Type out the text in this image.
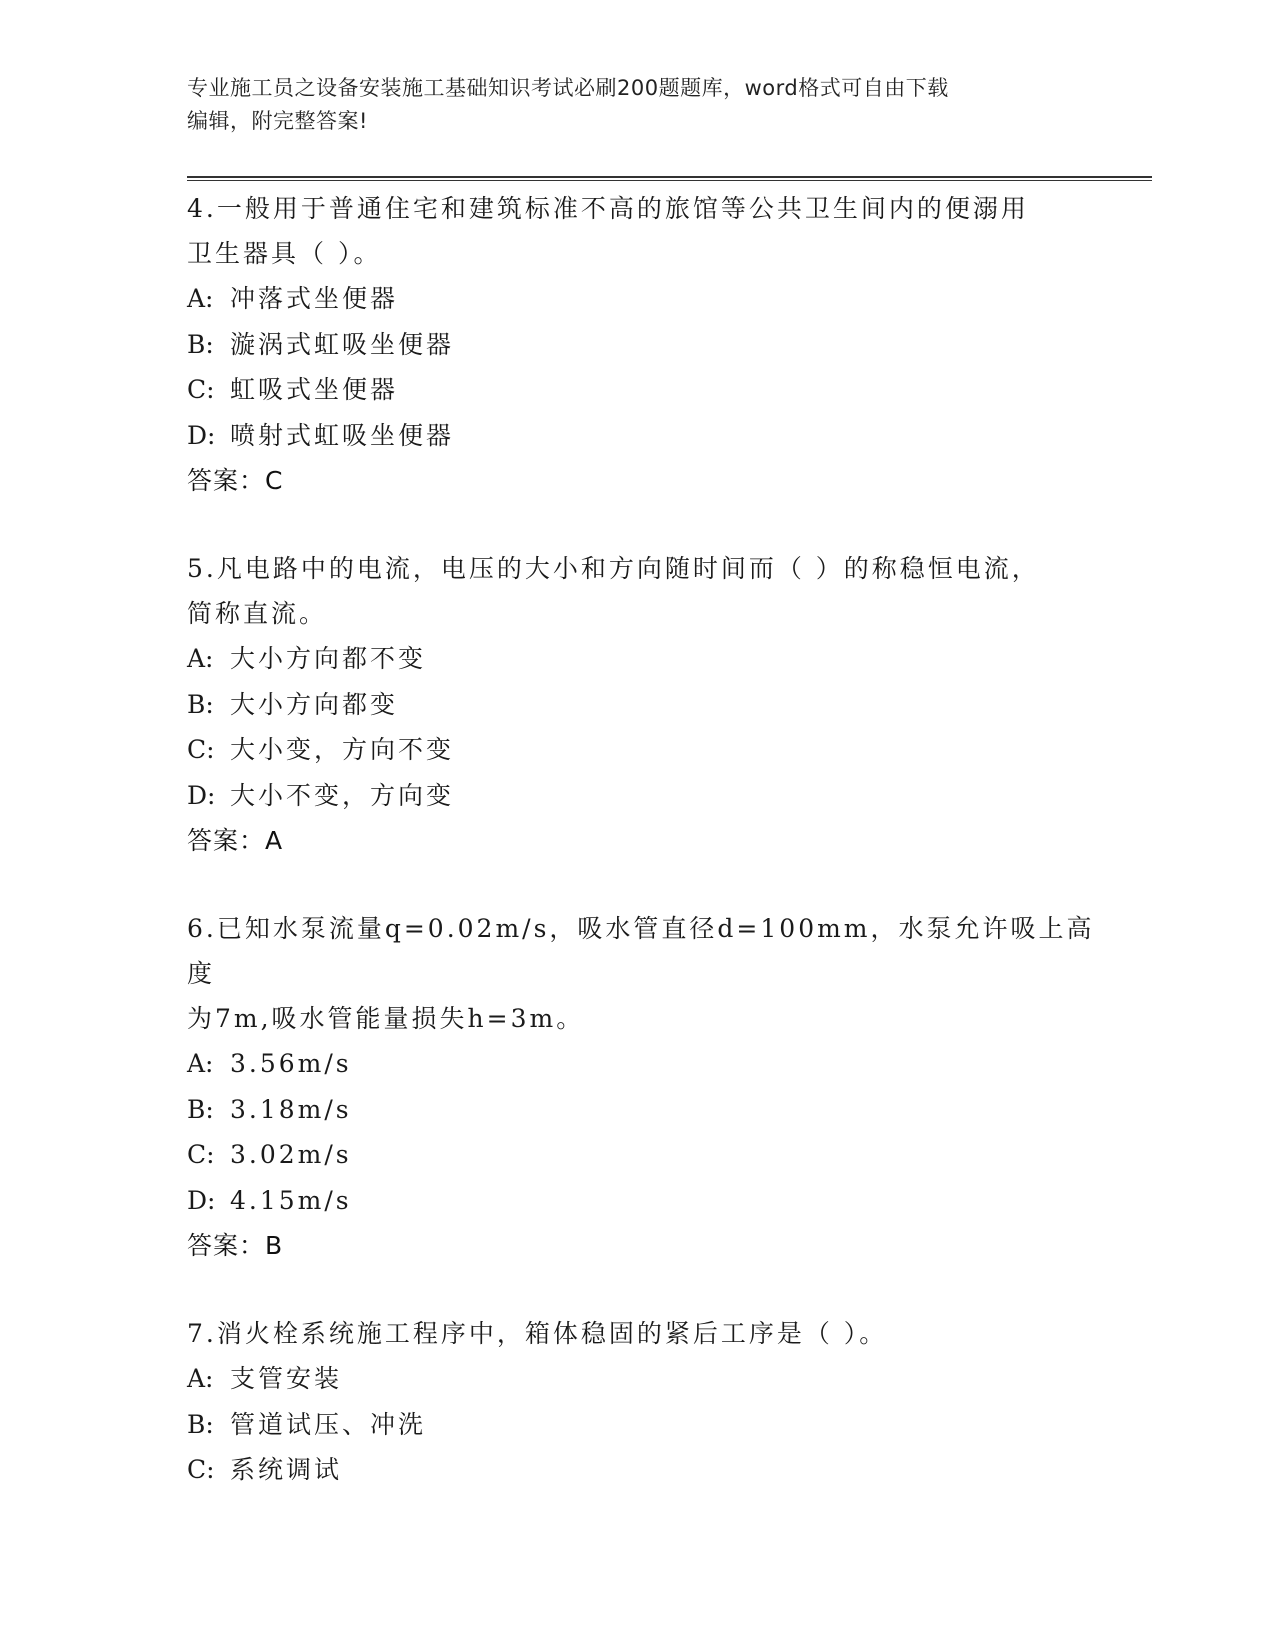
专业施工员之设备安装施工基础知识考试必刷200题题库，word格式可自由下载
编辑，附完整答案!
4.一般用于普通住宅和建筑标准不高的旅馆等公共卫生间内的便溺用
卫生器具（ ）。
A: 冲落式坐便器
B: 漩涡式虹吸坐便器
C: 虹吸式坐便器
D: 喷射式虹吸坐便器
答案：C
5.凡电路中的电流，电压的大小和方向随时间而（ ）的称稳恒电流，
简称直流。
A: 大小方向都不变
B: 大小方向都变
C: 大小变，方向不变
D: 大小不变，方向变
答案：A
6.已知水泵流量q=0.02m/s，吸水管直径d=100mm，水泵允许吸上高度
为7m,吸水管能量损失h=3m。
A: 3.56m/s
B: 3.18m/s
C: 3.02m/s
D: 4.15m/s
答案：B
7.消火栓系统施工程序中，箱体稳固的紧后工序是（ ）。
A: 支管安装
B: 管道试压、冲洗
C: 系统调试
